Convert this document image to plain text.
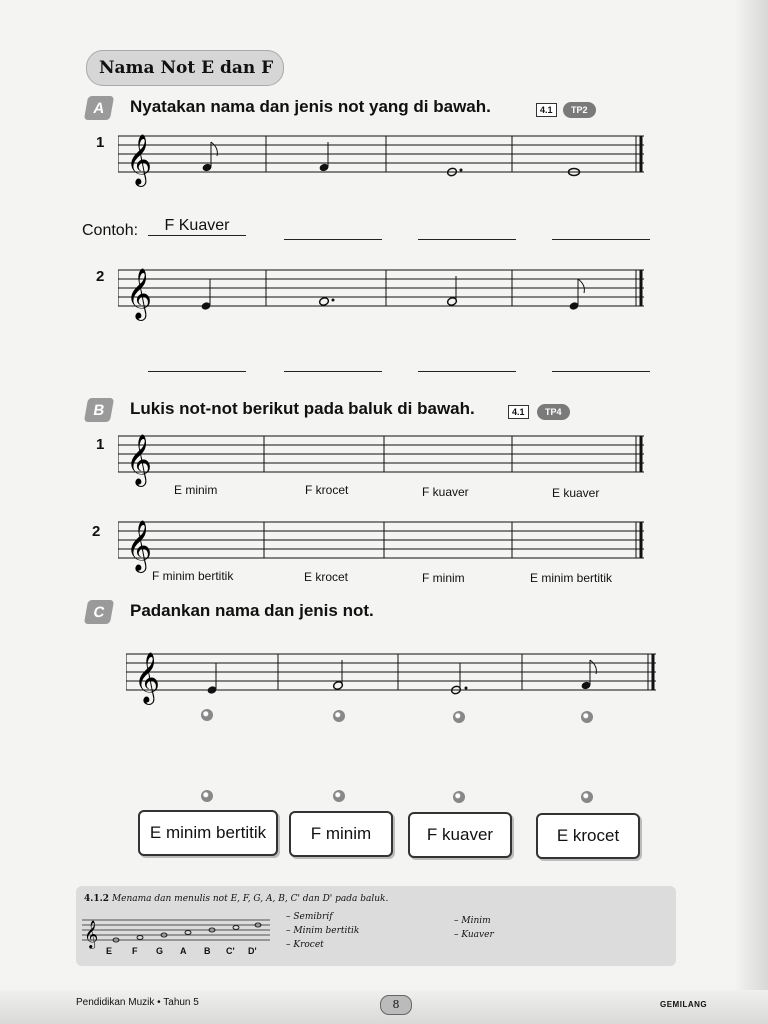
Nama Not E dan F
A	Nyatakan nama dan jenis not yang di bawah.	4.1	TP2
1 𝄞
Contoh:	F Kuaver
2 𝄞
B	Lukis not-not berikut pada baluk di bawah.	4.1	TP4
1 𝄞
E minim	F krocet	F kuaver	E kuaver
2 𝄞
F minim bertitik	E krocet	F minim	E minim bertitik
C	Padankan nama dan jenis not.
𝄞
E minim bertitik	F minim	F kuaver	E krocet
4.1.2 Menama dan menulis not E, F, G, A, B, C' dan D' pada baluk.
𝄞
E F G A B C' D'
– Semibrif
– Minim bertitik
– Krocet
– Minim
– Kuaver
Pendidikan Muzik • Tahun 5	8	GEMILANG
